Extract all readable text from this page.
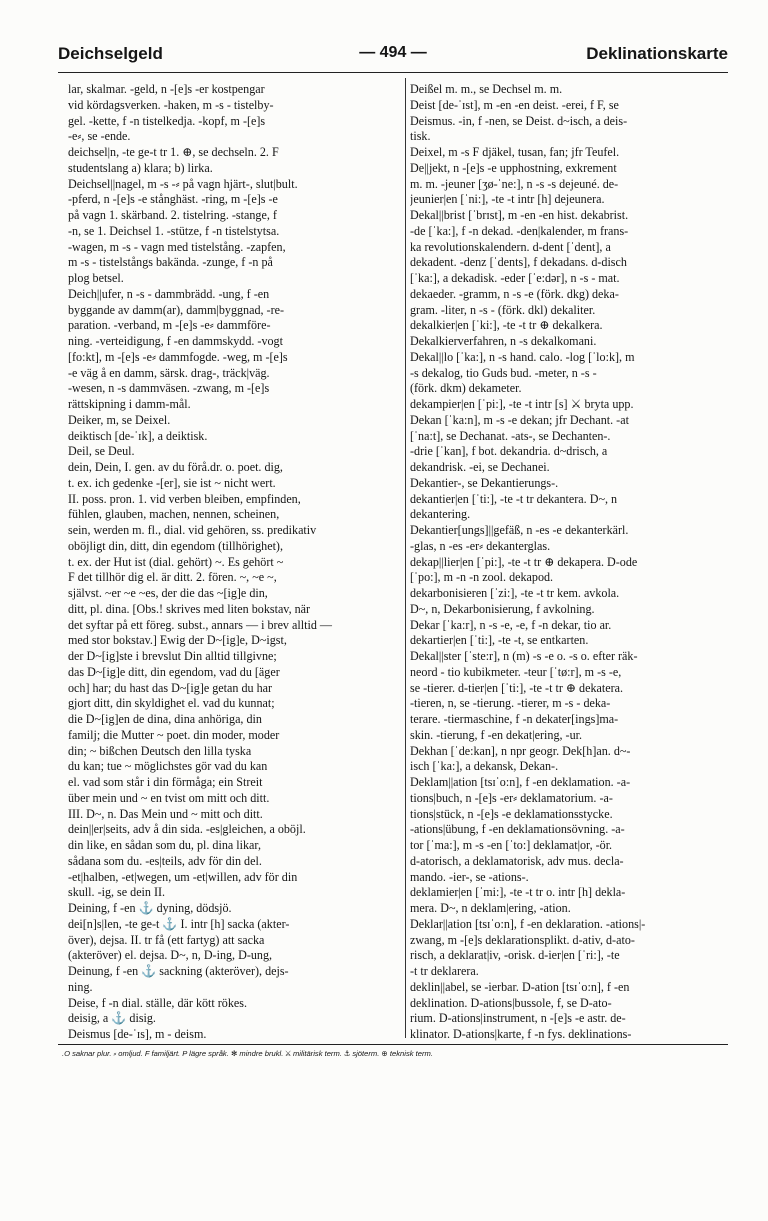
Deichselgeld	— 494 —	Deklinationskarte
lar, skalmar. -geld, n -[e]s -er kostpengar
vid kördagsverken. -haken, m -s - tistelby-
gel. -kette, f -n tistelkedja. -kopf, m -[e]s
-e⸗, se -ende.
deichsel|n, -te ge-t tr 1. ⊕, se dechseln. 2. F
studentslang a) klara; b) lirka.
Deichsel||nagel, m -s -⸗ på vagn hjärt-, slut|bult.
-pferd, n -[e]s -e stånghäst. -ring, m -[e]s -e
på vagn 1. skärband. 2. tistelring. -stange, f
-n, se 1. Deichsel 1. -stütze, f -n tistelstytsa.
-wagen, m -s - vagn med tistelstång. -zapfen,
m -s - tistelstångs bakända. -zunge, f -n på
plog betsel.
Deich||ufer, n -s - dammbrädd. -ung, f -en
byggande av damm(ar), damm|byggnad, -re-
paration. -verband, m -[e]s -e⸗ dammföre-
ning. -verteidigung, f -en dammskydd. -vogt
[fo:kt], m -[e]s -e⸗ dammfogde. -weg, m -[e]s
-e väg å en damm, särsk. drag-, träck|väg.
-wesen, n -s dammväsen. -zwang, m -[e]s
rättskipning i damm-mål.
Deiker, m, se Deixel.
deiktisch [de-ˈɪk], a deiktisk.
Deil, se Deul.
dein, Dein, I. gen. av du förå.dr. o. poet. dig,
t. ex. ich gedenke -[er], sie ist ~ nicht wert.
II. poss. pron. 1. vid verben bleiben, empfinden,
fühlen, glauben, machen, nennen, scheinen,
sein, werden m. fl., dial. vid gehören, ss. predikativ
oböjligt din, ditt, din egendom (tillhörighet),
t. ex. der Hut ist (dial. gehört) ~. Es gehört ~
F det tillhör dig el. är ditt. 2. fören. ~, ~e ~,
självst. ~er ~e ~es, der die das ~[ig]e din,
ditt, pl. dina. [Obs.! skrives med liten bokstav, när
det syftar på ett föreg. subst., annars — i brev alltid —
med stor bokstav.] Ewig der D~[ig]e, D~igst,
der D~[ig]ste i brevslut Din alltid tillgivne;
das D~[ig]e ditt, din egendom, vad du [äger
och] har; du hast das D~[ig]e getan du har
gjort ditt, din skyldighet el. vad du kunnat;
die D~[ig]en de dina, dina anhöriga, din
familj; die Mutter ~ poet. din moder, moder
din; ~ bißchen Deutsch den lilla tyska
du kan; tue ~ möglichstes gör vad du kan
el. vad som står i din förmåga; ein Streit
über mein und ~ en tvist om mitt och ditt.
III. D~, n. Das Mein und ~ mitt och ditt.
dein||er|seits, adv å din sida. -es|gleichen, a oböjl.
din like, en sådan som du, pl. dina likar,
sådana som du. -es|teils, adv för din del.
-et|halben, -et|wegen, um -et|willen, adv för din
skull. -ig, se dein II.
Deining, f -en ⚓ dyning, dödsjö.
dei[n]s|len, -te ge-t ⚓ I. intr [h] sacka (akter-
över), dejsa. II. tr få (ett fartyg) att sacka
(akteröver) el. dejsa. D~, n, D-ing, D-ung,
Deinung, f -en ⚓ sackning (akteröver), dejs-
ning.
Deise, f -n dial. ställe, där kött rökes.
deisig, a ⚓ disig.
Deismus [de-ˈɪs], m - deism.
Deißel m. m., se Dechsel m. m.
Deist [de-ˈɪst], m -en -en deist. -erei, f F, se
Deismus. -in, f -nen, se Deist. d~isch, a deis-
tisk.
Deixel, m -s F djäkel, tusan, fan; jfr Teufel.
De||jekt, n -[e]s -e upphostning, exkrement
m. m. -jeuner [ʒø-ˈne:], n -s -s dejeuné. de-
jeunier|en [ˈni:], -te -t intr [h] dejeunera.
Dekal||brist [ˈbrɪst], m -en -en hist. dekabrist.
-de [ˈka:], f -n dekad. -den|kalender, m frans-
ka revolutionskalendern. d-dent [ˈdent], a
dekadent. -denz [ˈdents], f dekadans. d-disch
[ˈka:], a dekadisk. -eder [ˈe:dər], n -s - mat.
dekaeder. -gramm, n -s -e (förk. dkg) deka-
gram. -liter, n -s - (förk. dkl) dekaliter.
dekalkier|en [ˈki:], -te -t tr ⊕ dekalkera.
Dekalkierverfahren, n -s dekalkomani.
Dekal||lo [ˈka:], n -s hand. calo. -log [ˈlo:k], m
-s dekalog, tio Guds bud. -meter, n -s -
(förk. dkm) dekameter.
dekampier|en [ˈpi:], -te -t intr [s] ⚔ bryta upp.
Dekan [ˈka:n], m -s -e dekan; jfr Dechant. -at
[ˈna:t], se Dechanat. -ats-, se Dechanten-.
-drie [ˈkan], f bot. dekandria. d~drisch, a
dekandrisk. -ei, se Dechanei.
Dekantier-, se Dekantierungs-.
dekantier|en [ˈti:], -te -t tr dekantera. D~, n
dekantering.
Dekantier[ungs]||gefäß, n -es -e dekanterkärl.
-glas, n -es -er⸗ dekanterglas.
dekap||lier|en [ˈpi:], -te -t tr ⊕ dekapera. D-ode
[ˈpo:], m -n -n zool. dekapod.
dekarbonisieren [ˈzi:], -te -t tr kem. avkola.
D~, n, Dekarbonisierung, f avkolning.
Dekar [ˈka:r], n -s -e, -e, f -n dekar, tio ar.
dekartier|en [ˈti:], -te -t, se entkarten.
Dekal||ster [ˈste:r], n (m) -s -e o. -s o. efter räk-
neord - tio kubikmeter. -teur [ˈtø:r], m -s -e,
se -tierer. d-tier|en [ˈti:], -te -t tr ⊕ dekatera.
-tieren, n, se -tierung. -tierer, m -s - deka-
terare. -tiermaschine, f -n dekater[ings]ma-
skin. -tierung, f -en dekat|ering, -ur.
Dekhan [ˈde:kan], n npr geogr. Dek[h]an. d~-
isch [ˈka:], a dekansk, Dekan-.
Deklam||ation [tsɪˈo:n], f -en deklamation. -a-
tions|buch, n -[e]s -er⸗ deklamatorium. -a-
tions|stück, n -[e]s -e deklamationsstycke.
-ations|übung, f -en deklamationsövning. -a-
tor [ˈma:], m -s -en [ˈto:] deklamat|or, -ör.
d-atorisch, a deklamatorisk, adv mus. decla-
mando. -ier-, se -ations-.
deklamier|en [ˈmi:], -te -t tr o. intr [h] dekla-
mera. D~, n deklam|ering, -ation.
Deklar||ation [tsɪˈo:n], f -en deklaration. -ations|-
zwang, m -[e]s deklarationsplikt. d-ativ, d-ato-
risch, a deklarat|iv, -orisk. d-ier|en [ˈri:], -te
-t tr deklarera.
deklin||abel, se -ierbar. D-ation [tsɪˈo:n], f -en
deklination. D-ations|bussole, f, se D-ato-
rium. D-ations|instrument, n -[e]s -e astr. de-
klinator. D-ations|karte, f -n fys. deklinations-
.O saknar plur. ⸗ omljud. F familjärt. P lägre språk. ✻ mindre brukl. ⚔ militärisk term. ⚓ sjöterm. ⊕ teknisk term.
